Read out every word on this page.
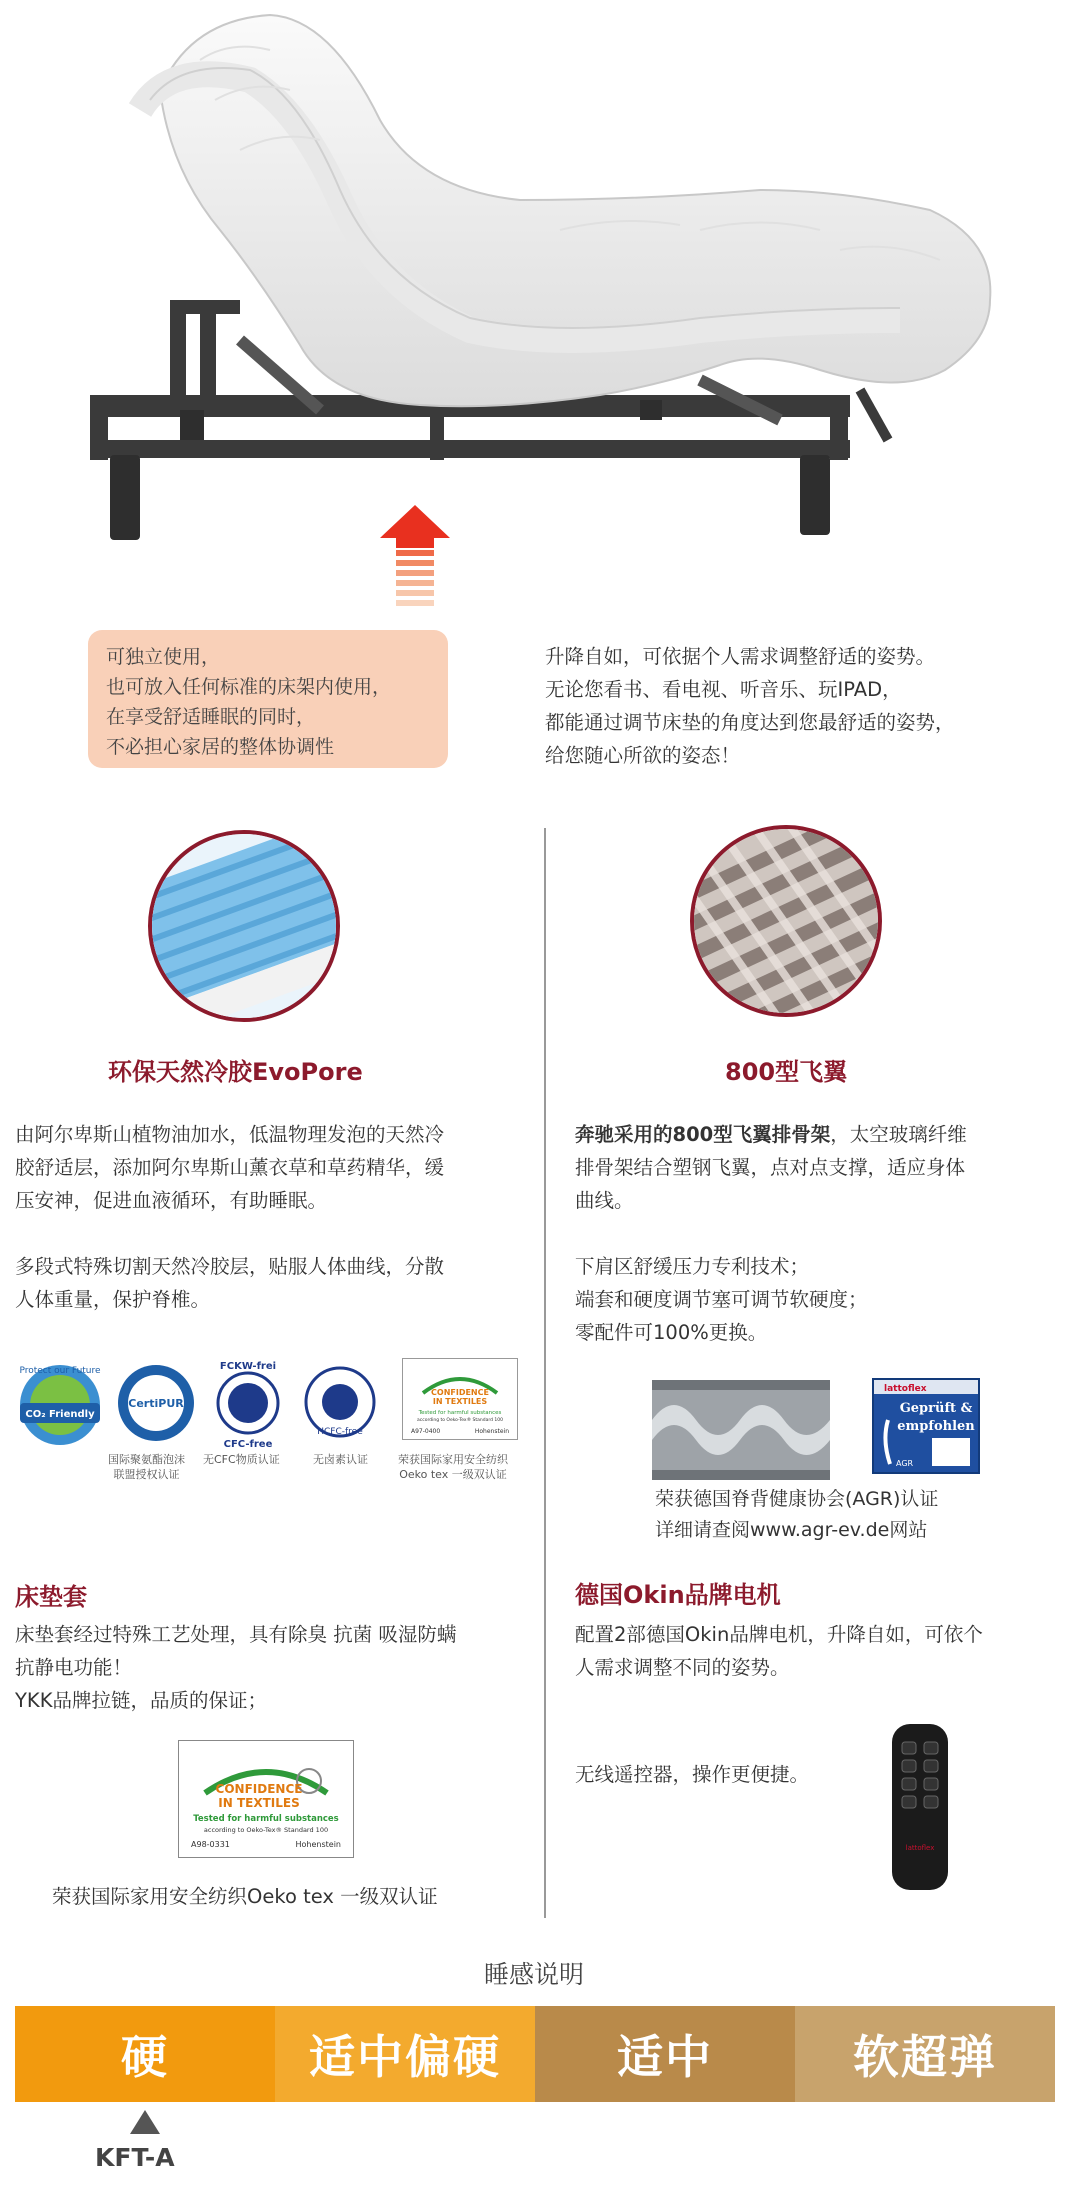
可独立使用，
也可放入任何标准的床架内使用，
在享受舒适睡眠的同时，
不必担心家居的整体协调性
升降自如，可依据个人需求调整舒适的姿势。
无论您看书、看电视、听音乐、玩IPAD，
都能通过调节床垫的角度达到您最舒适的姿势，
给您随心所欲的姿态！
环保天然冷胶EvoPore
由阿尔卑斯山植物油加水，低温物理发泡的天然冷
胶舒适层，添加阿尔卑斯山薰衣草和草药精华，缓
压安神，促进血液循环，有助睡眠。
多段式特殊切割天然冷胶层，贴服人体曲线，分散
人体重量，保护脊椎。
Protect our Future
CO₂ Friendly
CertiPUR
FCKW-frei
CFC-free
HCFC-free
CONFIDENCE
IN TEXTILES
Tested for harmful substances
according to Oeko-Tex® Standard 100
A97-0400	Hohenstein
国际聚氨酯泡沫
联盟授权认证
无CFC物质认证	无卤素认证	荣获国际家用安全纺织
Oeko tex 一级双认证
800型飞翼
奔驰采用的800型飞翼排骨架，太空玻璃纤维
排骨架结合塑钢飞翼，点对点支撑，适应身体
曲线。
下肩区舒缓压力专利技术；
端套和硬度调节塞可调节软硬度；
零配件可100%更换。
lattoflex
Geprüft &
empfohlen
AGR
荣获德国脊背健康协会(AGR)认证
详细请查阅www.agr-ev.de网站
床垫套
床垫套经过特殊工艺处理，具有除臭 抗菌 吸湿防螨
抗静电功能！
YKK品牌拉链，品质的保证；
CONFIDENCE
IN TEXTILES
Tested for harmful substances
according to Oeko-Tex® Standard 100
A98-0331	Hohenstein
荣获国际家用安全纺织Oeko tex 一级双认证
德国Okin品牌电机
配置2部德国Okin品牌电机，升降自如，可依个
人需求调整不同的姿势。
无线遥控器，操作更便捷。
lattoflex
睡感说明
硬	适中偏硬	适中	软超弹
KFT-A
